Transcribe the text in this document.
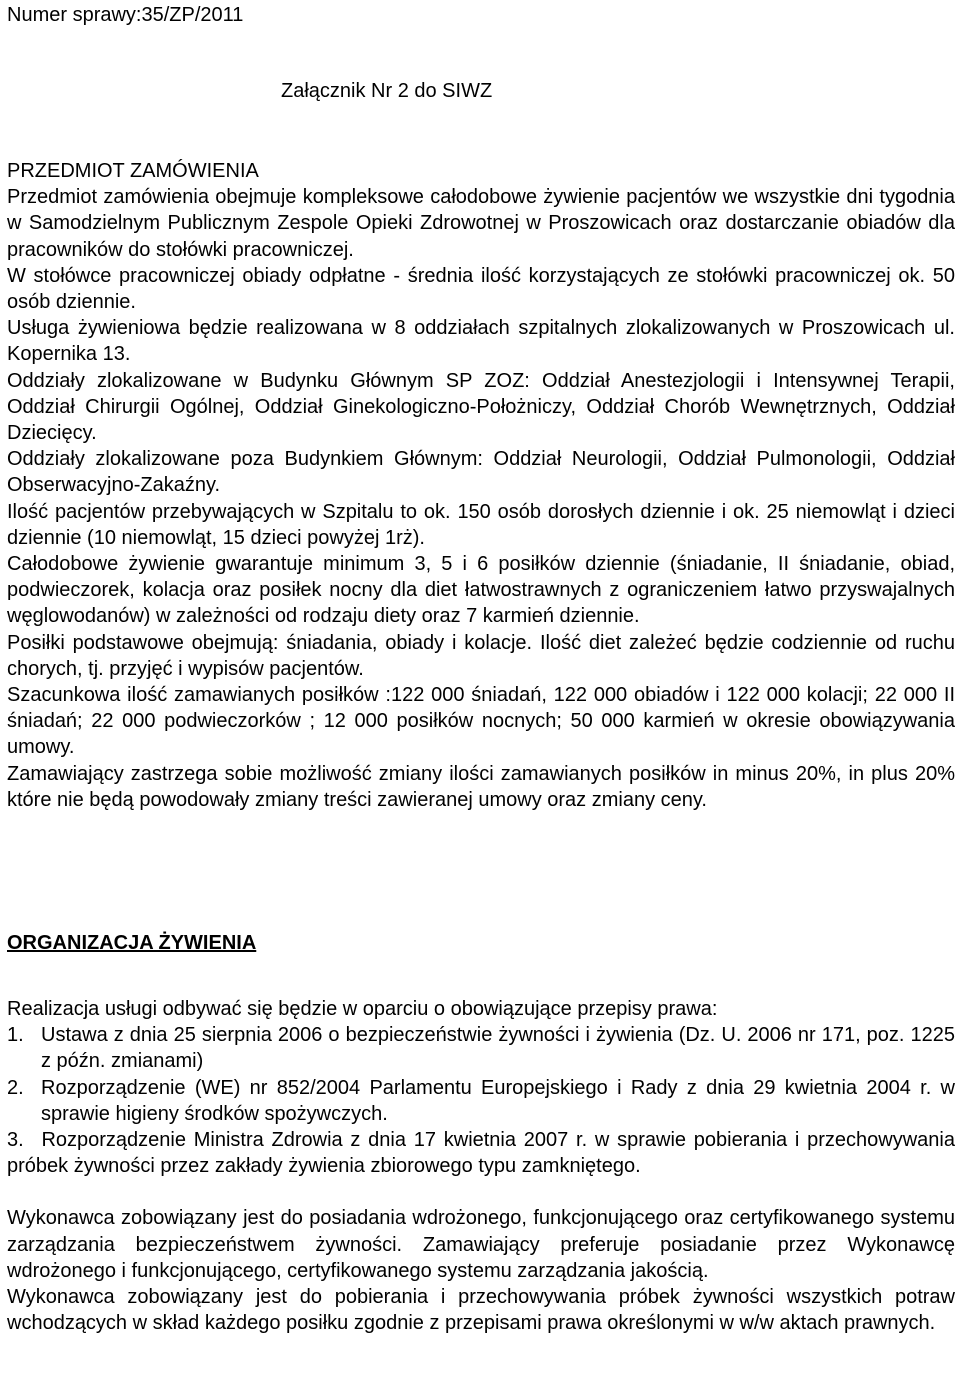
Numer sprawy:35/ZP/2011
Załącznik Nr 2 do SIWZ

PRZEDMIOT ZAMÓWIENIA

Przedmiot zamówienia obejmuje kompleksowe całodobowe żywienie pacjentów we wszystkie dni tygodnia w Samodzielnym Publicznym Zespole Opieki Zdrowotnej w Proszowicach oraz dostarczanie obiadów dla pracowników do stołówki pracowniczej.

W stołówce pracowniczej obiady odpłatne - średnia ilość korzystających ze stołówki pracowniczej ok. 50 osób dziennie.

Usługa żywieniowa będzie realizowana w 8 oddziałach szpitalnych zlokalizowanych w Proszowicach ul. Kopernika 13.

Oddziały zlokalizowane w Budynku Głównym SP ZOZ: Oddział Anestezjologii i Intensywnej Terapii, Oddział Chirurgii Ogólnej, Oddział Ginekologiczno-Położniczy, Oddział Chorób Wewnętrznych, Oddział Dziecięcy.

Oddziały zlokalizowane poza Budynkiem Głównym: Oddział Neurologii, Oddział Pulmonologii, Oddział Obserwacyjno-Zakaźny.

Ilość pacjentów przebywających w Szpitalu to ok. 150 osób dorosłych dziennie i ok. 25 niemowląt i dzieci dziennie (10 niemowląt, 15 dzieci powyżej 1rż).

Całodobowe żywienie gwarantuje minimum 3, 5 i 6 posiłków dziennie (śniadanie, II śniadanie, obiad, podwieczorek, kolacja oraz posiłek nocny dla diet łatwostrawnych z ograniczeniem łatwo przyswajalnych węglowodanów) w zależności od rodzaju diety oraz 7 karmień dziennie.

Posiłki podstawowe obejmują: śniadania, obiady i kolacje. Ilość diet zależeć będzie codziennie od ruchu chorych, tj. przyjęć i wypisów pacjentów.

Szacunkowa ilość zamawianych posiłków :122 000 śniadań, 122 000 obiadów i 122 000 kolacji; 22 000 II śniadań; 22 000 podwieczorków ; 12 000 posiłków nocnych; 50 000 karmień w okresie obowiązywania umowy.

Zamawiający zastrzega sobie możliwość zmiany ilości zamawianych posiłków in minus 20%, in plus 20% które nie będą powodowały zmiany treści zawieranej umowy oraz zmiany ceny.

ORGANIZACJA ŻYWIENIA

Realizacja usługi odbywać się będzie w oparciu o obowiązujące przepisy prawa:

1. Ustawa z dnia 25 sierpnia 2006 o bezpieczeństwie żywności i żywienia (Dz. U. 2006 nr 171, poz. 1225 z późn. zmianami)
2. Rozporządzenie (WE) nr 852/2004 Parlamentu Europejskiego i Rady z dnia 29 kwietnia 2004 r. w sprawie higieny środków spożywczych.
3. Rozporządzenie Ministra Zdrowia z dnia 17 kwietnia 2007 r. w sprawie pobierania i przechowywania próbek żywności przez zakłady żywienia zbiorowego typu zamkniętego.

Wykonawca zobowiązany jest do posiadania wdrożonego, funkcjonującego oraz certyfikowanego systemu zarządzania bezpieczeństwem żywności. Zamawiający preferuje posiadanie przez Wykonawcę wdrożonego i funkcjonującego, certyfikowanego systemu zarządzania jakością.

Wykonawca zobowiązany jest do pobierania i przechowywania próbek żywności wszystkich potraw wchodzących w skład każdego posiłku zgodnie z przepisami prawa określonymi w w/w aktach prawnych.
